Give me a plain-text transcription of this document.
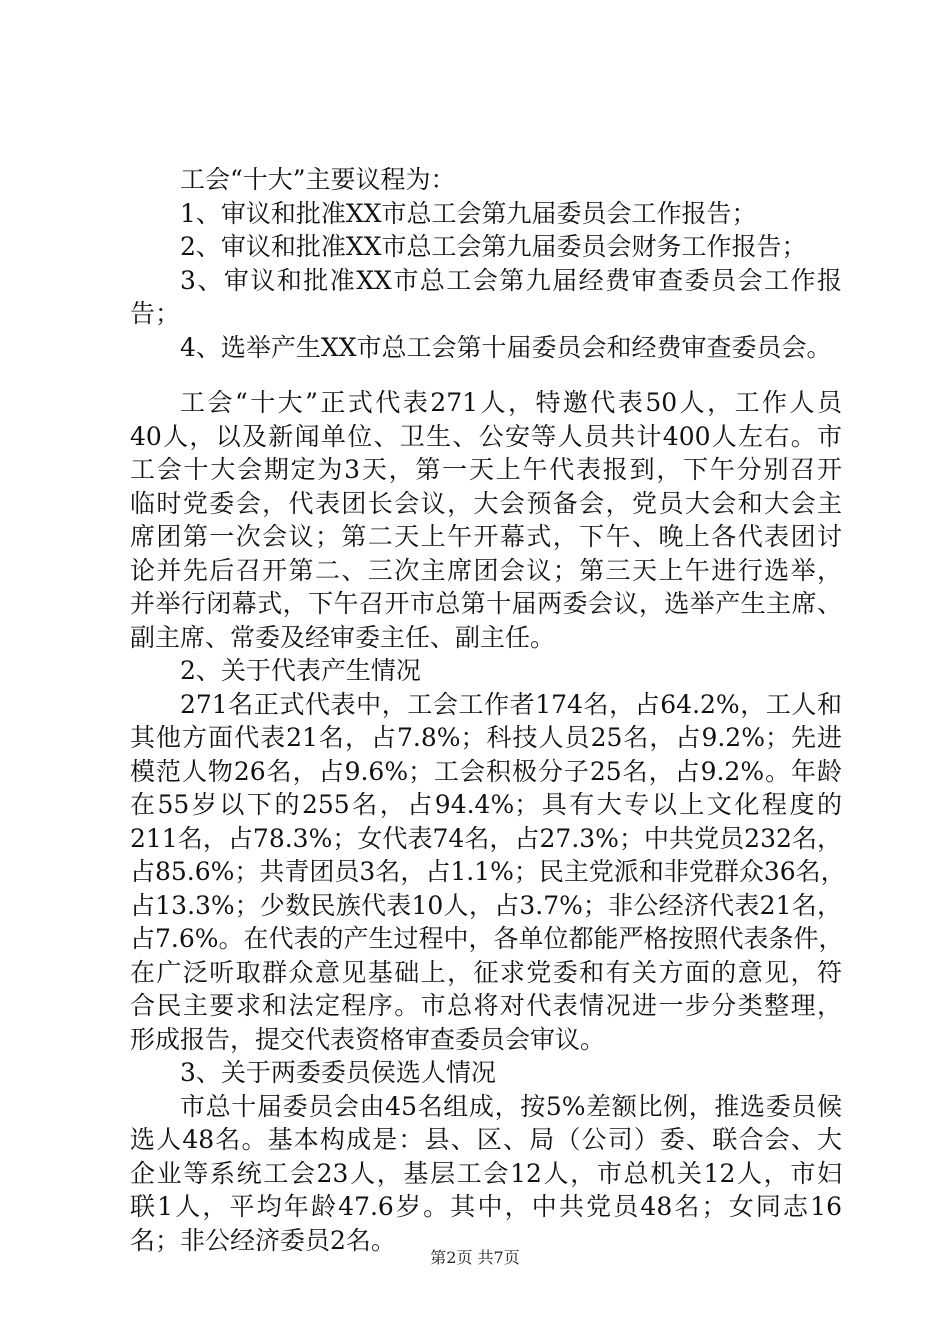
工会“十大”主要议程为：
1、审议和批准XX市总工会第九届委员会工作报告；
2、审议和批准XX市总工会第九届委员会财务工作报告；
3、审议和批准XX市总工会第九届经费审查委员会工作报
告；
4、选举产生XX市总工会第十届委员会和经费审查委员会。
工会“十大”正式代表271人，特邀代表50人，工作人员
40人，以及新闻单位、卫生、公安等人员共计400人左右。市
工会十大会期定为3天，第一天上午代表报到，下午分别召开
临时党委会，代表团长会议，大会预备会，党员大会和大会主
席团第一次会议；第二天上午开幕式，下午、晚上各代表团讨
论并先后召开第二、三次主席团会议；第三天上午进行选举，
并举行闭幕式，下午召开市总第十届两委会议，选举产生主席、
副主席、常委及经审委主任、副主任。
2、关于代表产生情况
271名正式代表中，工会工作者174名，占64.2%，工人和
其他方面代表21名，占7.8%；科技人员25名，占9.2%；先进
模范人物26名，占9.6%；工会积极分子25名，占9.2%。年龄
在55岁以下的255名，占94.4%；具有大专以上文化程度的
211名，占78.3%；女代表74名，占27.3%；中共党员232名，
占85.6%；共青团员3名，占1.1%；民主党派和非党群众36名，
占13.3%；少数民族代表10人，占3.7%；非公经济代表21名，
占7.6%。在代表的产生过程中，各单位都能严格按照代表条件，
在广泛听取群众意见基础上，征求党委和有关方面的意见，符
合民主要求和法定程序。市总将对代表情况进一步分类整理，
形成报告，提交代表资格审查委员会审议。
3、关于两委委员侯选人情况
市总十届委员会由45名组成，按5%差额比例，推选委员候
选人48名。基本构成是：县、区、局（公司）委、联合会、大
企业等系统工会23人，基层工会12人，市总机关12人，市妇
联1人，平均年龄47.6岁。其中，中共党员48名；女同志16
名；非公经济委员2名。
第2页 共7页
